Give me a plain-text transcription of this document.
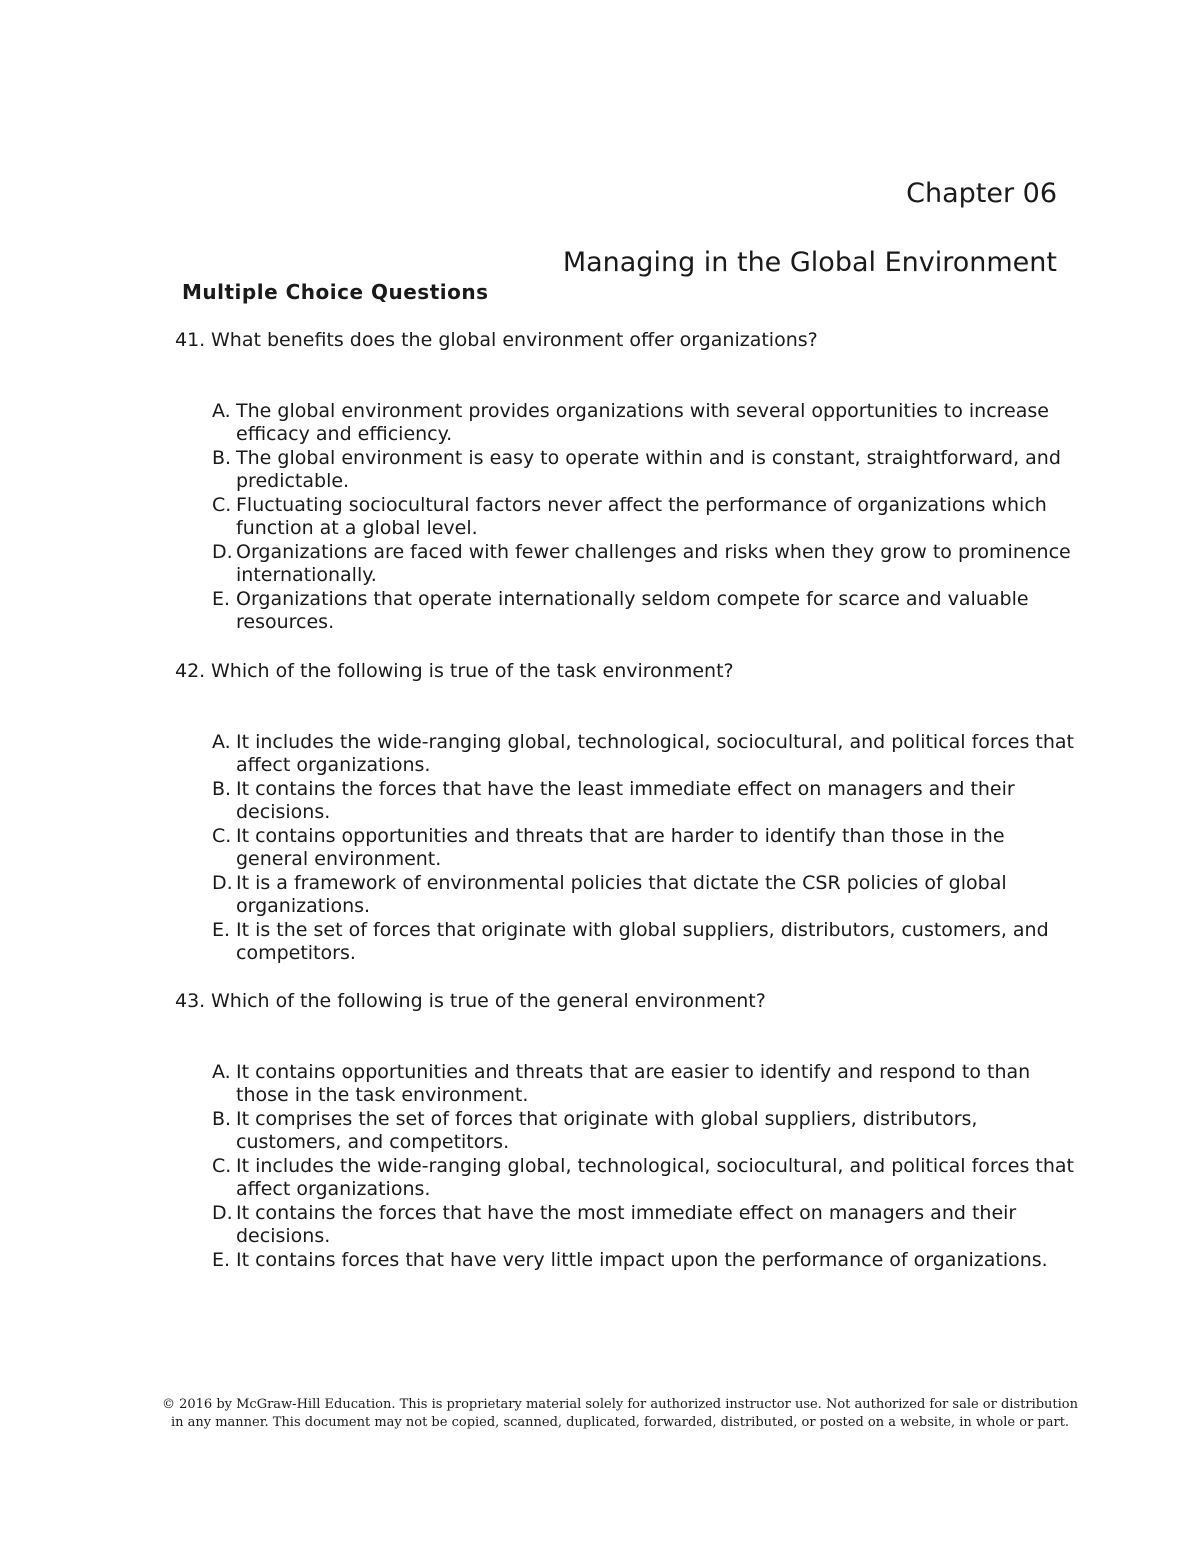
Chapter 06
Managing in the Global Environment
Multiple Choice Questions
41. What benefits does the global environment offer organizations?
A. The global environment provides organizations with several opportunities to increase efficacy and efficiency.
B. The global environment is easy to operate within and is constant, straightforward, and predictable.
C. Fluctuating sociocultural factors never affect the performance of organizations which function at a global level.
D. Organizations are faced with fewer challenges and risks when they grow to prominence internationally.
E. Organizations that operate internationally seldom compete for scarce and valuable resources.
42. Which of the following is true of the task environment?
A. It includes the wide-ranging global, technological, sociocultural, and political forces that affect organizations.
B. It contains the forces that have the least immediate effect on managers and their decisions.
C. It contains opportunities and threats that are harder to identify than those in the general environment.
D. It is a framework of environmental policies that dictate the CSR policies of global organizations.
E. It is the set of forces that originate with global suppliers, distributors, customers, and competitors.
43. Which of the following is true of the general environment?
A. It contains opportunities and threats that are easier to identify and respond to than those in the task environment.
B. It comprises the set of forces that originate with global suppliers, distributors, customers, and competitors.
C. It includes the wide-ranging global, technological, sociocultural, and political forces that affect organizations.
D. It contains the forces that have the most immediate effect on managers and their decisions.
E. It contains forces that have very little impact upon the performance of organizations.
© 2016 by McGraw-Hill Education. This is proprietary material solely for authorized instructor use. Not authorized for sale or distribution
in any manner. This document may not be copied, scanned, duplicated, forwarded, distributed, or posted on a website, in whole or part.
